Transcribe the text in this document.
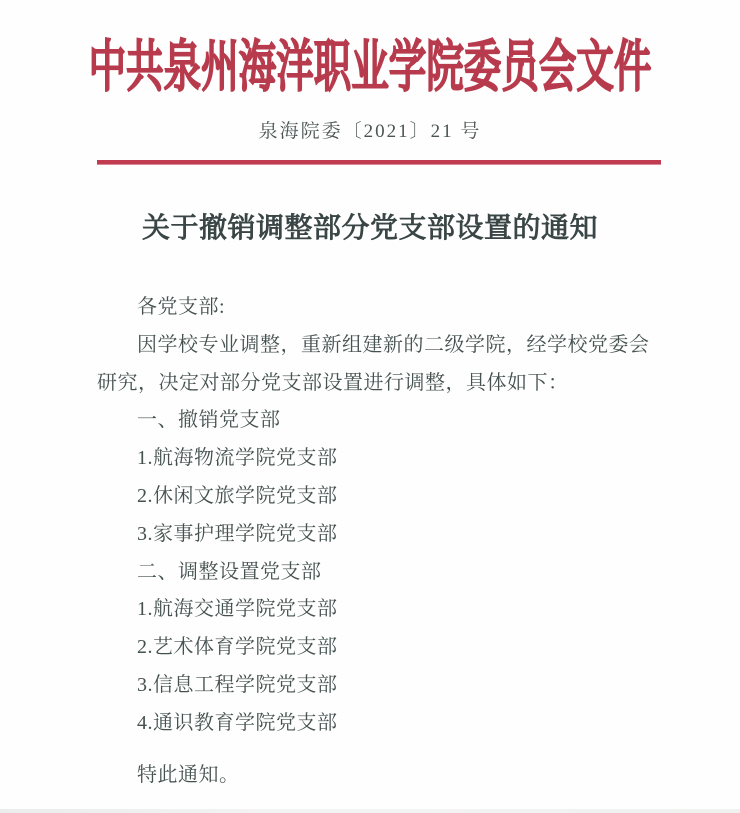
中共泉州海洋职业学院委员会文件
泉海院委〔2021〕21 号
关于撤销调整部分党支部设置的通知

各党支部:

因学校专业调整，重新组建新的二级学院，经学校党委会研究，决定对部分党支部设置进行调整，具体如下：

一、撤销党支部

1.航海物流学院党支部

2.休闲文旅学院党支部

3.家事护理学院党支部

二、调整设置党支部

1.航海交通学院党支部

2.艺术体育学院党支部

3.信息工程学院党支部

4.通识教育学院党支部

特此通知。
